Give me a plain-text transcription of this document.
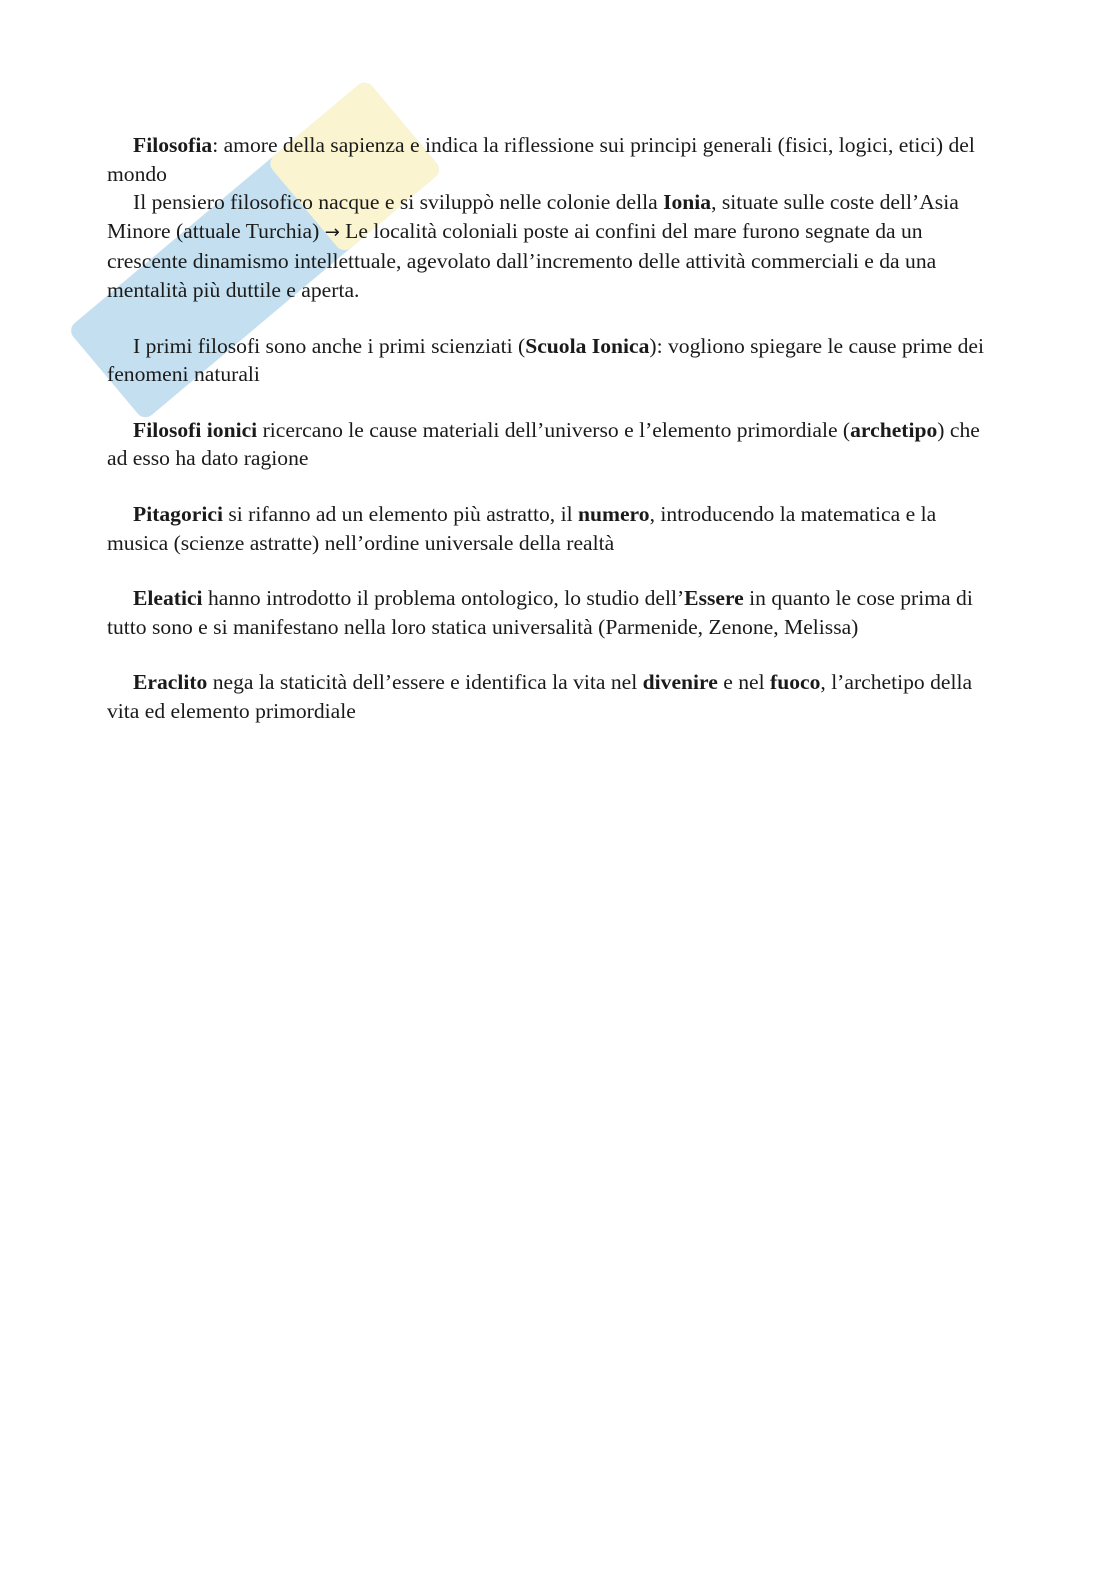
Filosofia: amore della sapienza e indica la riflessione sui principi generali (fisici, logici, etici) del mondo

Il pensiero filosofico nacque e si sviluppò nelle colonie della Ionia, situate sulle coste dell’Asia Minore (attuale Turchia) → Le località coloniali poste ai confini del mare furono segnate da un crescente dinamismo intellettuale, agevolato dall’incremento delle attività commerciali e da una mentalità più duttile e aperta.

I primi filosofi sono anche i primi scienziati (Scuola Ionica): vogliono spiegare le cause prime dei fenomeni naturali

Filosofi ionici ricercano le cause materiali dell’universo e l’elemento primordiale (archetipo) che ad esso ha dato ragione

Pitagorici si rifanno ad un elemento più astratto, il numero, introducendo la matematica e la musica (scienze astratte) nell’ordine universale della realtà

Eleatici hanno introdotto il problema ontologico, lo studio dell’Essere in quanto le cose prima di tutto sono e si manifestano nella loro statica universalità (Parmenide, Zenone, Melissa)

Eraclito nega la staticità dell’essere e identifica la vita nel divenire e nel fuoco, l’archetipo della vita ed elemento primordiale
